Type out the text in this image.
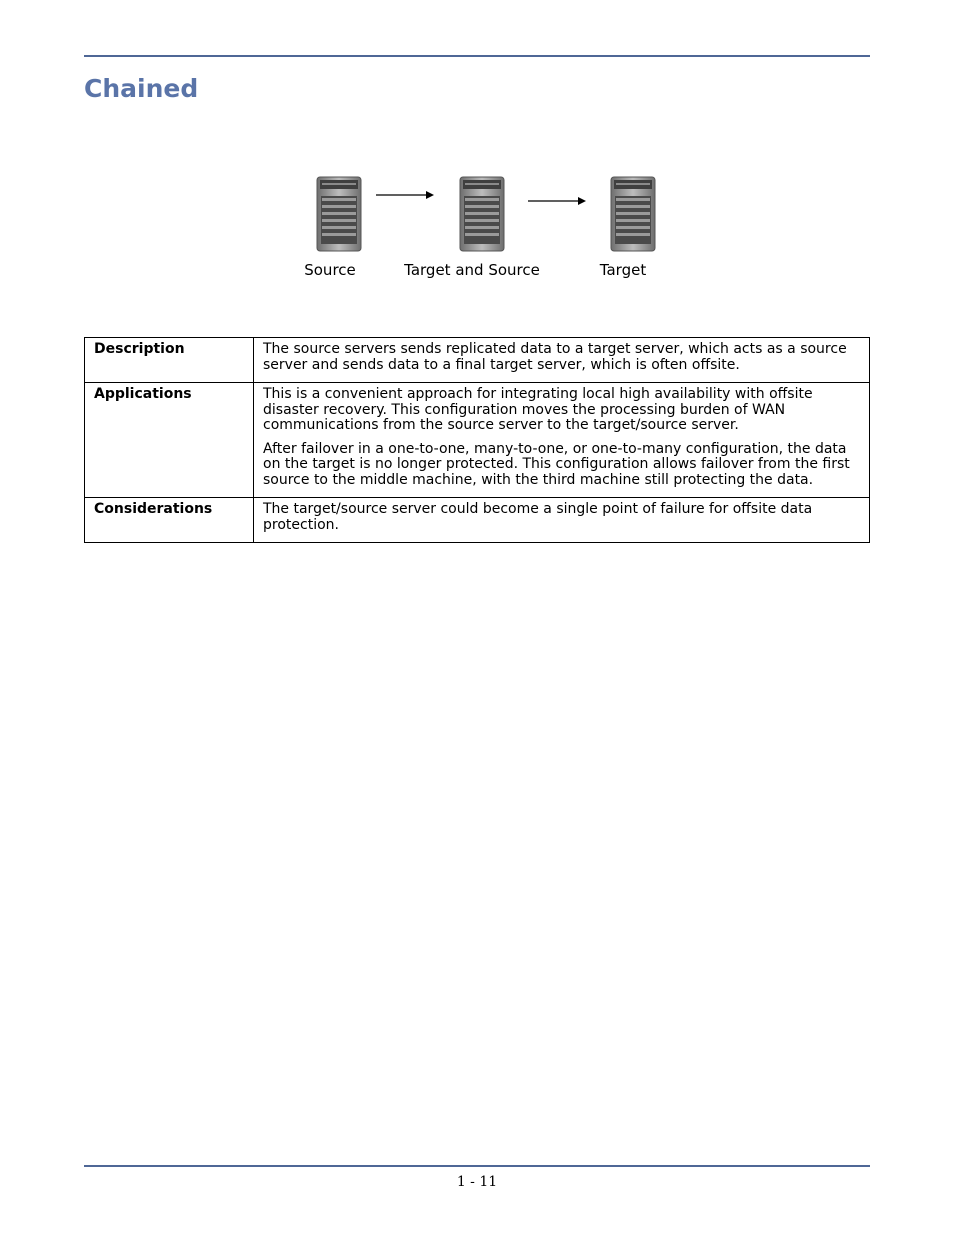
Chained
Source	Target and Source	Target
Description	The source servers sends replicated data to a target server, which acts as a source server and sends data to a final target server, which is often offsite.

Applications	This is a convenient approach for integrating local high availability with offsite disaster recovery. This configuration moves the processing burden of WAN communications from the source server to the target/source server.

After failover in a one-to-one, many-to-one, or one-to-many configuration, the data on the target is no longer protected. This configuration allows failover from the first source to the middle machine, with the third machine still protecting the data.

Considerations	The target/source server could become a single point of failure for offsite data protection.

1 - 11
